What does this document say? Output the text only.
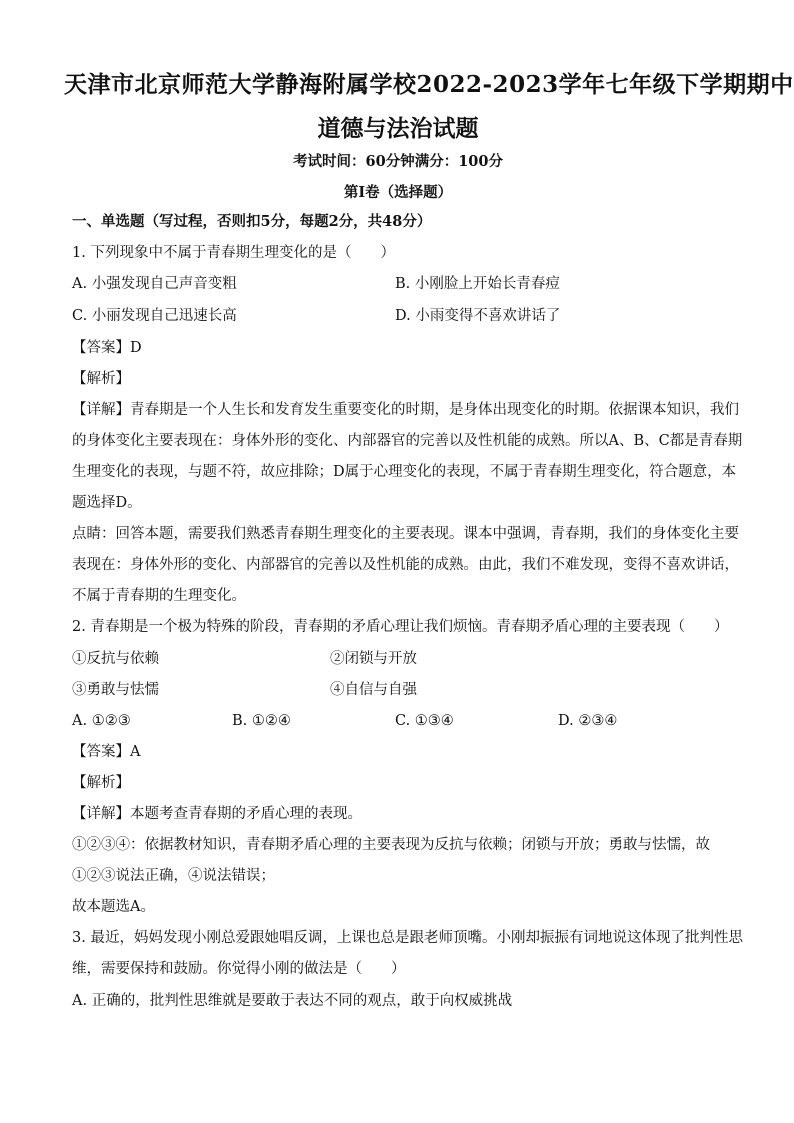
天津市北京师范大学静海附属学校2022-2023学年七年级下学期期中
道德与法治试题
考试时间：60分钟满分：100分
第I卷（选择题）
一、单选题（写过程，否则扣5分，每题2分，共48分）
1. 下列现象中不属于青春期生理变化的是（　　）
A. 小强发现自己声音变粗	B. 小刚脸上开始长青春痘
C. 小丽发现自己迅速长高	D. 小雨变得不喜欢讲话了
【答案】D
【解析】
【详解】青春期是一个人生长和发育发生重要变化的时期，是身体出现变化的时期。依据课本知识，我们
的身体变化主要表现在：身体外形的变化、内部器官的完善以及性机能的成熟。所以A、B、C都是青春期
生理变化的表现，与题不符，故应排除；D属于心理变化的表现，不属于青春期生理变化，符合题意，本
题选择D。
点睛：回答本题，需要我们熟悉青春期生理变化的主要表现。课本中强调，青春期，我们的身体变化主要
表现在：身体外形的变化、内部器官的完善以及性机能的成熟。由此，我们不难发现，变得不喜欢讲话，
不属于青春期的生理变化。
2. 青春期是一个极为特殊的阶段，青春期的矛盾心理让我们烦恼。青春期矛盾心理的主要表现（　　）
①反抗与依赖	②闭锁与开放
③勇敢与怯懦	④自信与自强
A. ①②③	B. ①②④	C. ①③④	D. ②③④
【答案】A
【解析】
【详解】本题考查青春期的矛盾心理的表现。
①②③④：依据教材知识，青春期矛盾心理的主要表现为反抗与依赖；闭锁与开放；勇敢与怯懦，故
①②③说法正确，④说法错误；
故本题选A。
3. 最近，妈妈发现小刚总爱跟她唱反调，上课也总是跟老师顶嘴。小刚却振振有词地说这体现了批判性思
维，需要保持和鼓励。你觉得小刚的做法是（　　）
A. 正确的，批判性思维就是要敢于表达不同的观点，敢于向权威挑战
